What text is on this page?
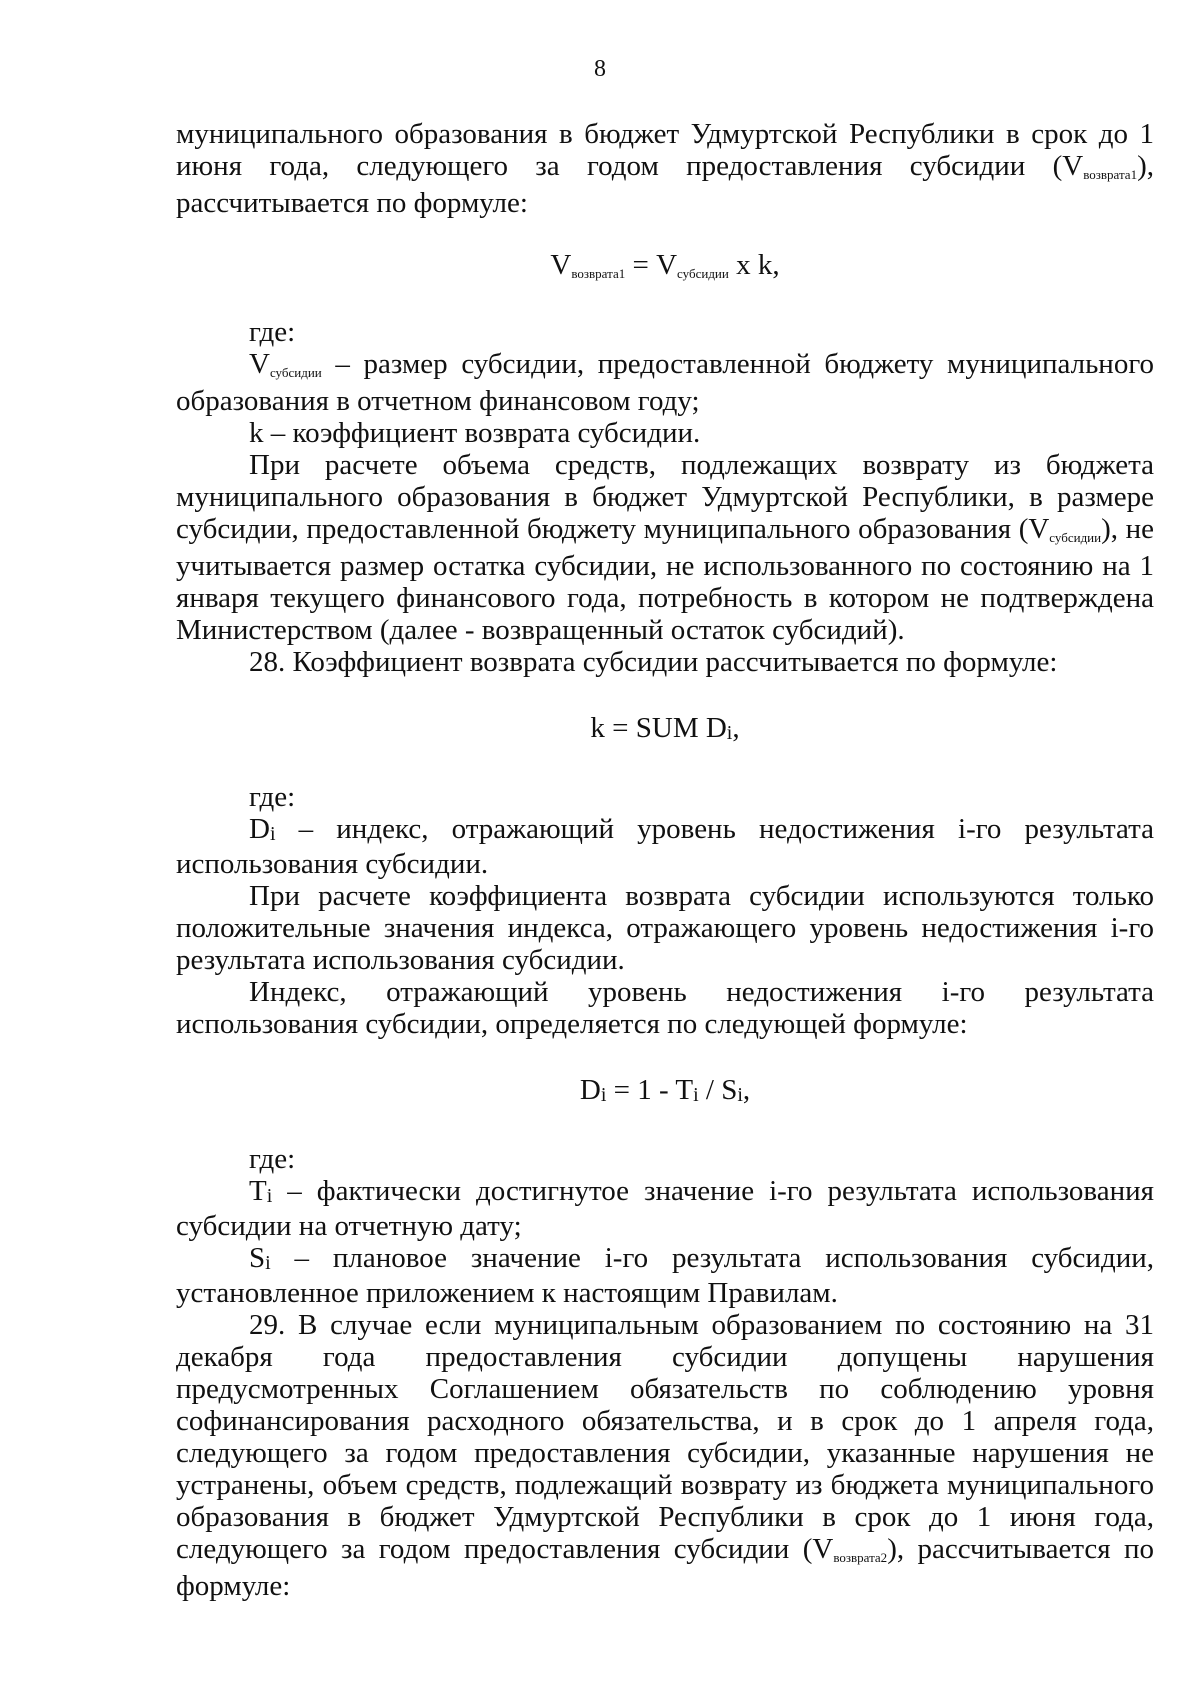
8

муниципального образования в бюджет Удмуртской Республики в срок до 1 июня года, следующего за годом предоставления субсидии (Vвозврата1), рассчитывается по формуле:

Vвозврата1 = Vсубсидии x k,

где:

Vсубсидии – размер субсидии, предоставленной бюджету муниципального образования в отчетном финансовом году;

k – коэффициент возврата субсидии.

При расчете объема средств, подлежащих возврату из бюджета муниципального образования в бюджет Удмуртской Республики, в размере субсидии, предоставленной бюджету муниципального образования (Vсубсидии), не учитывается размер остатка субсидии, не использованного по состоянию на 1 января текущего финансового года, потребность в котором не подтверждена Министерством (далее - возвращенный остаток субсидий).

28. Коэффициент возврата субсидии рассчитывается по формуле:

k = SUM Di,

где:

Di – индекс, отражающий уровень недостижения i-го результата использования субсидии.

При расчете коэффициента возврата субсидии используются только положительные значения индекса, отражающего уровень недостижения i-го результата использования субсидии.

Индекс, отражающий уровень недостижения i-го результата использования субсидии, определяется по следующей формуле:

Di = 1 - Ti / Si,

где:

Ti – фактически достигнутое значение i-го результата использования субсидии на отчетную дату;

Si – плановое значение i-го результата использования субсидии, установленное приложением к настоящим Правилам.

29. В случае если муниципальным образованием по состоянию на 31 декабря года предоставления субсидии допущены нарушения предусмотренных Соглашением обязательств по соблюдению уровня софинансирования расходного обязательства, и в срок до 1 апреля года, следующего за годом предоставления субсидии, указанные нарушения не устранены, объем средств, подлежащий возврату из бюджета муниципального образования в бюджет Удмуртской Республики в срок до 1 июня года, следующего за годом предоставления субсидии (Vвозврата2), рассчитывается по формуле:
